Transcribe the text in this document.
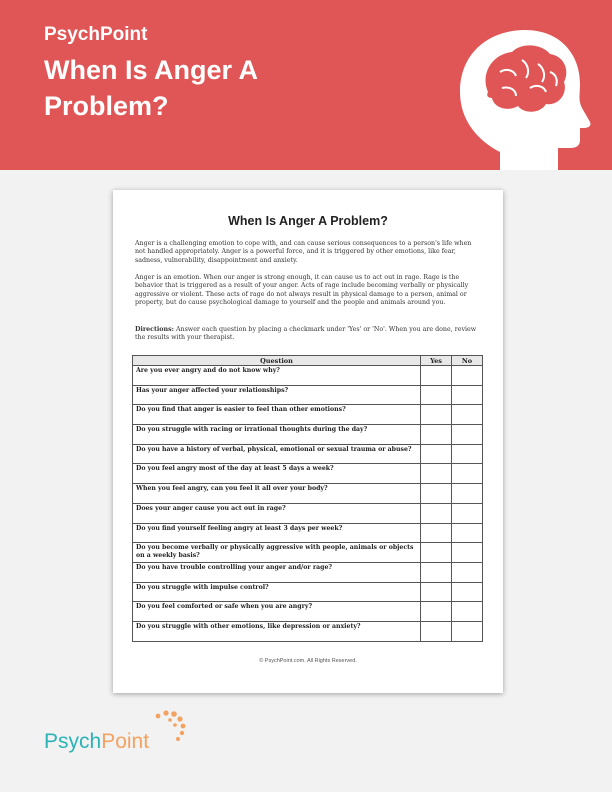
PsychPoint
When Is Anger A Problem?
When Is Anger A Problem?
Anger is a challenging emotion to cope with, and can cause serious consequences to a person's life when not handled appropriately. Anger is a powerful force, and it is triggered by other emotions, like fear, sadness, vulnerability, disappointment and anxiety.
Anger is an emotion. When our anger is strong enough, it can cause us to act out in rage. Rage is the behavior that is triggered as a result of your anger. Acts of rage include becoming verbally or physically aggressive or violent. These acts of rage do not always result in physical damage to a person, animal or property, but do cause psychological damage to yourself and the people and animals around you.
Directions: Answer each question by placing a checkmark under 'Yes' or 'No'. When you are done, review the results with your therapist.
Question	Yes	No
Are you ever angry and do not know why?		
Has your anger affected your relationships?		
Do you find that anger is easier to feel than other emotions?		
Do you struggle with racing or irrational thoughts during the day?		
Do you have a history of verbal, physical, emotional or sexual trauma or abuse?		
Do you feel angry most of the day at least 5 days a week?		
When you feel angry, can you feel it all over your body?		
Does your anger cause you act out in rage?		
Do you find yourself feeling angry at least 3 days per week?		
Do you become verbally or physically aggressive with people, animals or objects on a weekly basis?		
Do you have trouble controlling your anger and/or rage?		
Do you struggle with impulse control?		
Do you feel comforted or safe when you are angry?		
Do you struggle with other emotions, like depression or anxiety?		
© PsychPoint.com. All Rights Reserved.
PsychPoint
